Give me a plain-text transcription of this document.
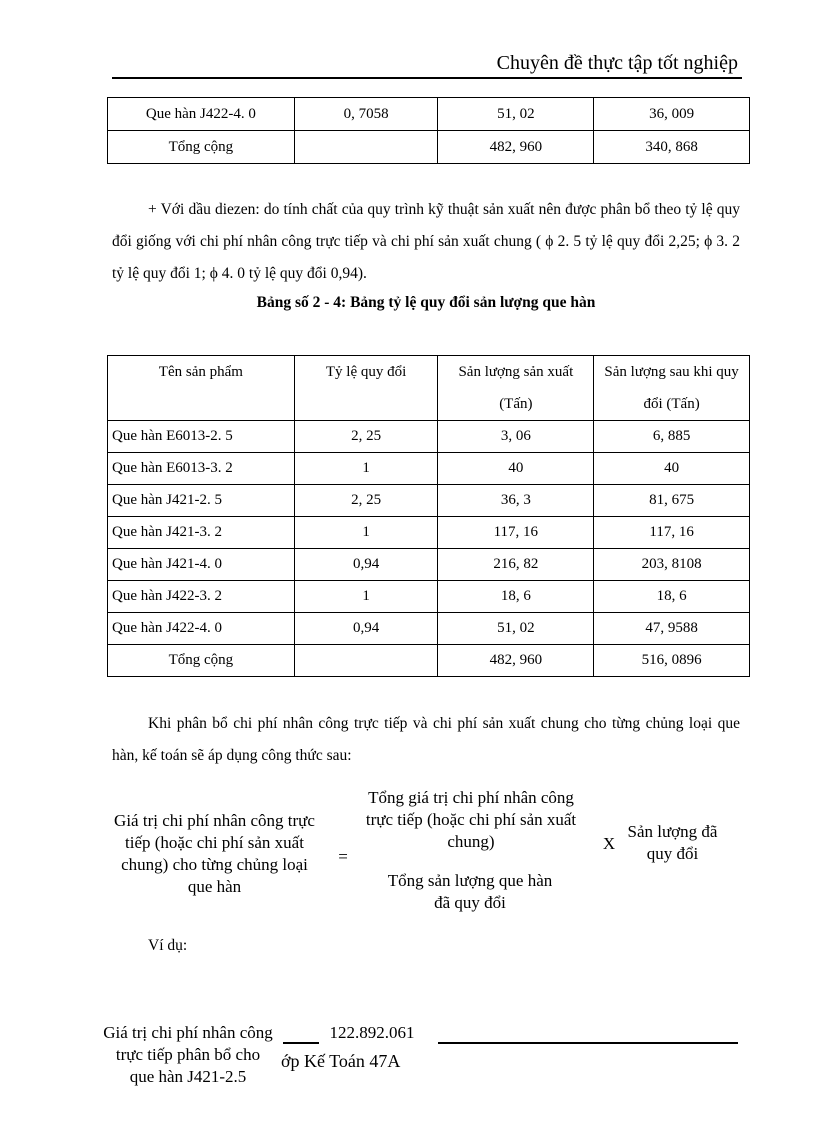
Chuyên đề thực tập tốt nghiệp
Que hàn J422-4. 0	0, 7058	51, 02	36, 009
Tổng cộng		482, 960	340, 868
+ Với dầu diezen: do tính chất của quy trình kỹ thuật sản xuất nên được phân bổ theo tỷ lệ quy đổi giống với chi phí nhân công trực tiếp và chi phí sản xuất chung ( ϕ 2. 5 tỷ lệ quy đổi 2,25; ϕ 3. 2 tỷ lệ quy đổi 1; ϕ 4. 0 tỷ lệ quy đổi 0,94).
Bảng số 2 - 4: Bảng tỷ lệ quy đổi sản lượng que hàn
Tên sản phẩm	Tỷ lệ quy đổi	Sản lượng sản xuất (Tấn)	Sản lượng sau khi quy đổi (Tấn)
Que hàn E6013-2. 5	2, 25	3, 06	6, 885
Que hàn E6013-3. 2	1	40	40
Que hàn J421-2. 5	2, 25	36, 3	81, 675
Que hàn J421-3. 2	1	117, 16	117, 16
Que hàn J421-4. 0	0,94	216, 82	203, 8108
Que hàn J422-3. 2	1	18, 6	18, 6
Que hàn J422-4. 0	0,94	51, 02	47, 9588
Tổng cộng		482, 960	516, 0896
Khi phân bổ chi phí nhân công trực tiếp và chi phí sản xuất chung cho từng chủng loại que hàn, kế toán sẽ áp dụng công thức sau:
Giá trị chi phí nhân công trực tiếp (hoặc chi phí sản xuất chung) cho từng chủng loại que hàn
=
Tổng giá trị chi phí nhân công trực tiếp (hoặc chi phí sản xuất chung)
Tổng sản lượng que hàn đã quy đổi
X
Sản lượng đã quy đổi
Ví dụ:
Giá trị chi phí nhân công trực tiếp phân bổ cho que hàn J421-2.5
122.892.061
ớp Kế Toán 47A
